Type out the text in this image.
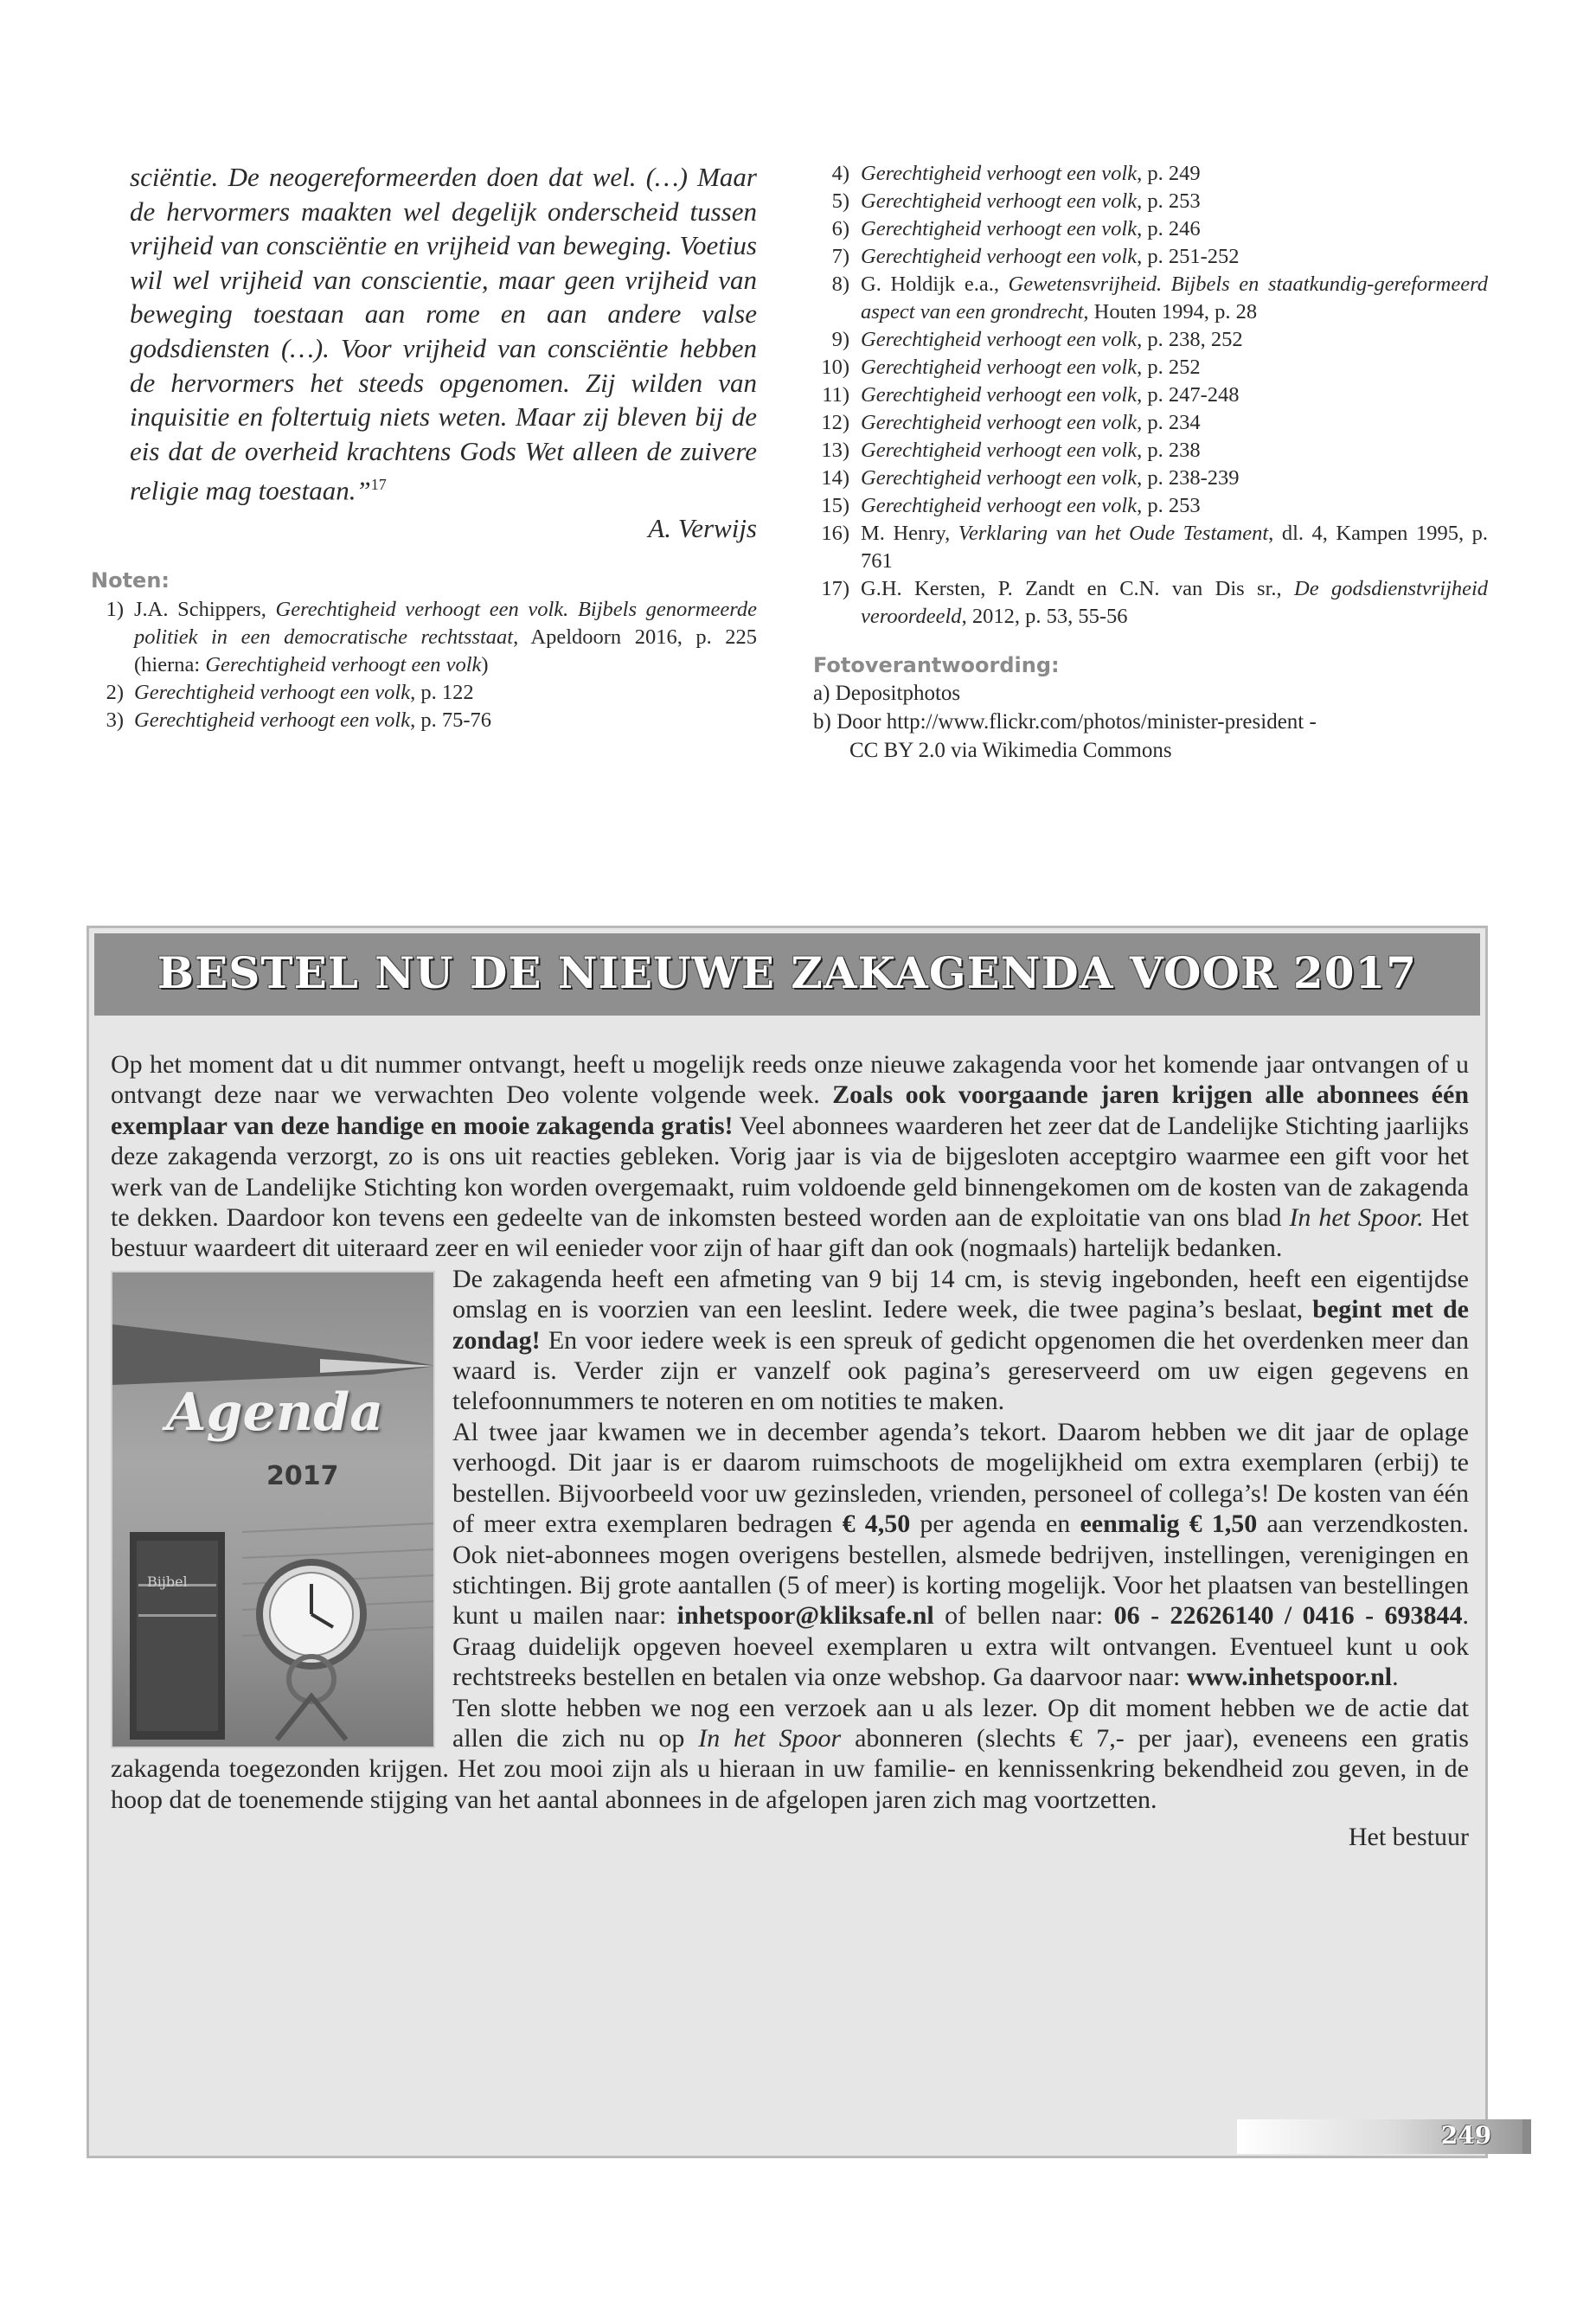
sciëntie. De neogereformeerden doen dat wel. (…) Maar de hervormers maakten wel degelijk onderscheid tussen vrijheid van consciëntie en vrijheid van beweging. Voetius wil wel vrijheid van conscientie, maar geen vrijheid van beweging toestaan aan rome en aan andere valse godsdiensten (…). Voor vrijheid van consciëntie hebben de hervormers het steeds opgenomen. Zij wilden van inquisitie en foltertuig niets weten. Maar zij bleven bij de eis dat de overheid krachtens Gods Wet alleen de zuivere religie mag toestaan.”$^{17}$

A. Verwijs
Noten:
1) J.A. Schippers, Gerechtigheid verhoogt een volk. Bijbels genormeerde politiek in een democratische rechtsstaat, Apeldoorn 2016, p. 225 (hierna: Gerechtigheid verhoogt een volk)
2) Gerechtigheid verhoogt een volk, p. 122
3) Gerechtigheid verhoogt een volk, p. 75-76
4) Gerechtigheid verhoogt een volk, p. 249
5) Gerechtigheid verhoogt een volk, p. 253
6) Gerechtigheid verhoogt een volk, p. 246
7) Gerechtigheid verhoogt een volk, p. 251-252
8) G. Holdijk e.a., Gewetensvrijheid. Bijbels en staatkundig-gereformeerd aspect van een grondrecht, Houten 1994, p. 28
9) Gerechtigheid verhoogt een volk, p. 238, 252
10) Gerechtigheid verhoogt een volk, p. 252
11) Gerechtigheid verhoogt een volk, p. 247-248
12) Gerechtigheid verhoogt een volk, p. 234
13) Gerechtigheid verhoogt een volk, p. 238
14) Gerechtigheid verhoogt een volk, p. 238-239
15) Gerechtigheid verhoogt een volk, p. 253
16) M. Henry, Verklaring van het Oude Testament, dl. 4, Kampen 1995, p. 761
17) G.H. Kersten, P. Zandt en C.N. van Dis sr., De godsdienstvrijheid veroordeeld, 2012, p. 53, 55-56
Fotoverantwoording:
a) Depositphotos
b) Door http://www.flickr.com/photos/minister-president -
CC BY 2.0 via Wikimedia Commons
BESTEL NU DE NIEUWE ZAKAGENDA VOOR 2017

Op het moment dat u dit nummer ontvangt, heeft u mogelijk reeds onze nieuwe zakagenda voor het komende jaar ontvangen of u ontvangt deze naar we verwachten Deo volente volgende week. Zoals ook voorgaande jaren krijgen alle abonnees één exemplaar van deze handige en mooie zakagenda gratis! Veel abonnees waarderen het zeer dat de Landelijke Stichting jaarlijks deze zakagenda verzorgt, zo is ons uit reacties gebleken. Vorig jaar is via de bijgesloten acceptgiro waarmee een gift voor het werk van de Landelijke Stichting kon worden overgemaakt, ruim voldoende geld binnengekomen om de kosten van de zakagenda te dekken. Daardoor kon tevens een gedeelte van de inkomsten besteed worden aan de exploitatie van ons blad In het Spoor. Het bestuur waardeert dit uiteraard zeer en wil eenieder voor zijn of haar gift dan ook (nogmaals) hartelijk bedanken.

Agenda
2017
Bijbel

De zakagenda heeft een afmeting van 9 bij 14 cm, is stevig ingebonden, heeft een eigentijdse omslag en is voorzien van een leeslint. Iedere week, die twee pagina’s beslaat, begint met de zondag! En voor iedere week is een spreuk of gedicht opgenomen die het overdenken meer dan waard is. Verder zijn er vanzelf ook pagina’s gereserveerd om uw eigen gegevens en telefoonnummers te noteren en om notities te maken.

Al twee jaar kwamen we in december agenda’s tekort. Daarom hebben we dit jaar de oplage verhoogd. Dit jaar is er daarom ruimschoots de mogelijkheid om extra exemplaren (erbij) te bestellen. Bijvoorbeeld voor uw gezinsleden, vrienden, personeel of collega’s! De kosten van één of meer extra exemplaren bedragen € 4,50 per agenda en eenmalig € 1,50 aan verzendkosten. Ook niet-abonnees mogen overigens bestellen, alsmede bedrijven, instellingen, verenigingen en stichtingen. Bij grote aantallen (5 of meer) is korting mogelijk. Voor het plaatsen van bestellingen kunt u mailen naar: inhetspoor@kliksafe.nl of bellen naar: 06 - 22626140 / 0416 - 693844. Graag duidelijk opgeven hoeveel exemplaren u extra wilt ontvangen. Eventueel kunt u ook rechtstreeks bestellen en betalen via onze webshop. Ga daarvoor naar: www.inhetspoor.nl.

Ten slotte hebben we nog een verzoek aan u als lezer. Op dit moment hebben we de actie dat allen die zich nu op In het Spoor abonneren (slechts € 7,- per jaar), eveneens een gratis zakagenda toegezonden krijgen. Het zou mooi zijn als u hieraan in uw familie- en kennissenkring bekendheid zou geven, in de hoop dat de toenemende stijging van het aantal abonnees in de afgelopen jaren zich mag voortzetten.

Het bestuur
249
